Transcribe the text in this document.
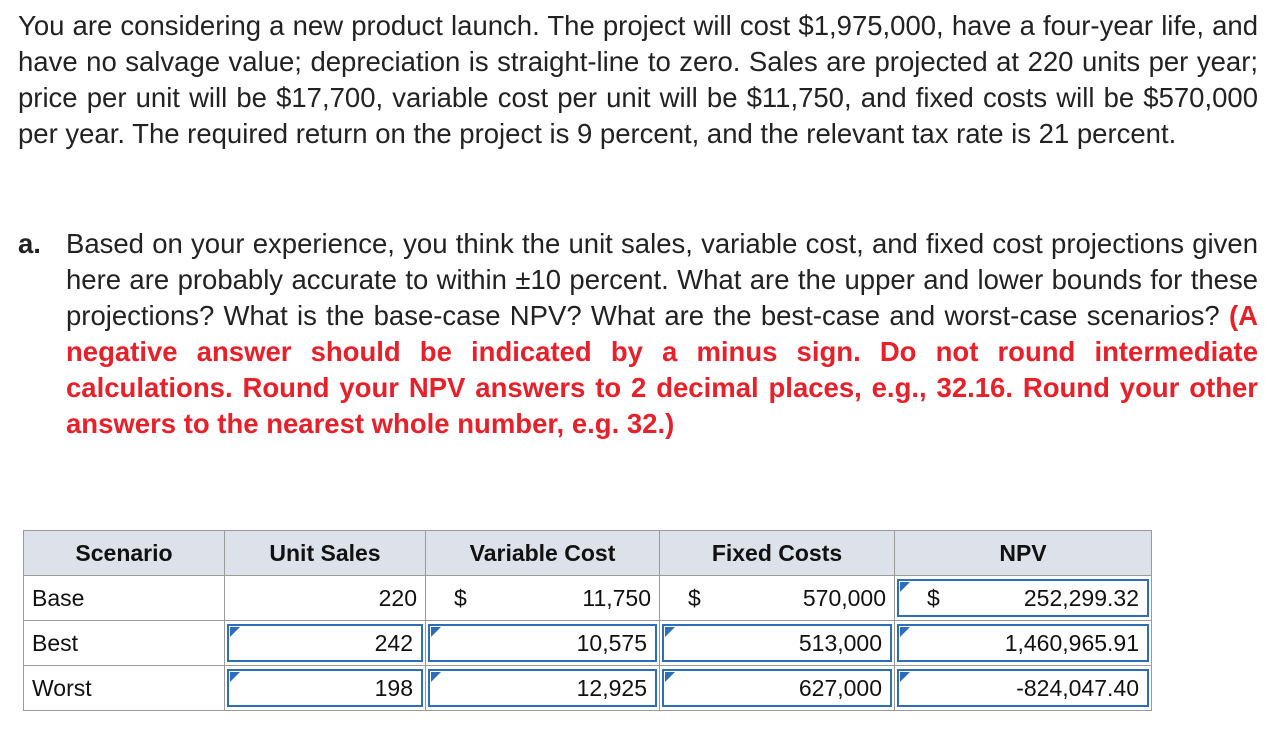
You are considering a new product launch. The project will cost $1,975,000, have a four-year life, and have no salvage value; depreciation is straight-line to zero. Sales are projected at 220 units per year; price per unit will be $17,700, variable cost per unit will be $11,750, and fixed costs will be $570,000 per year. The required return on the project is 9 percent, and the relevant tax rate is 21 percent.

a. Based on your experience, you think the unit sales, variable cost, and fixed cost projections given here are probably accurate to within ±10 percent. What are the upper and lower bounds for these projections? What is the base-case NPV? What are the best-case and worst-case scenarios? (A negative answer should be indicated by a minus sign. Do not round intermediate calculations. Round your NPV answers to 2 decimal places, e.g., 32.16. Round your other answers to the nearest whole number, e.g. 32.)
Scenario	Unit Sales	Variable Cost	Fixed Costs	NPV
Base	220	$ 11,750	$ 570,000	$ 252,299.32

Best	242	10,575	513,000	1,460,965.91

Worst	198	12,925	627,000	-824,047.40
